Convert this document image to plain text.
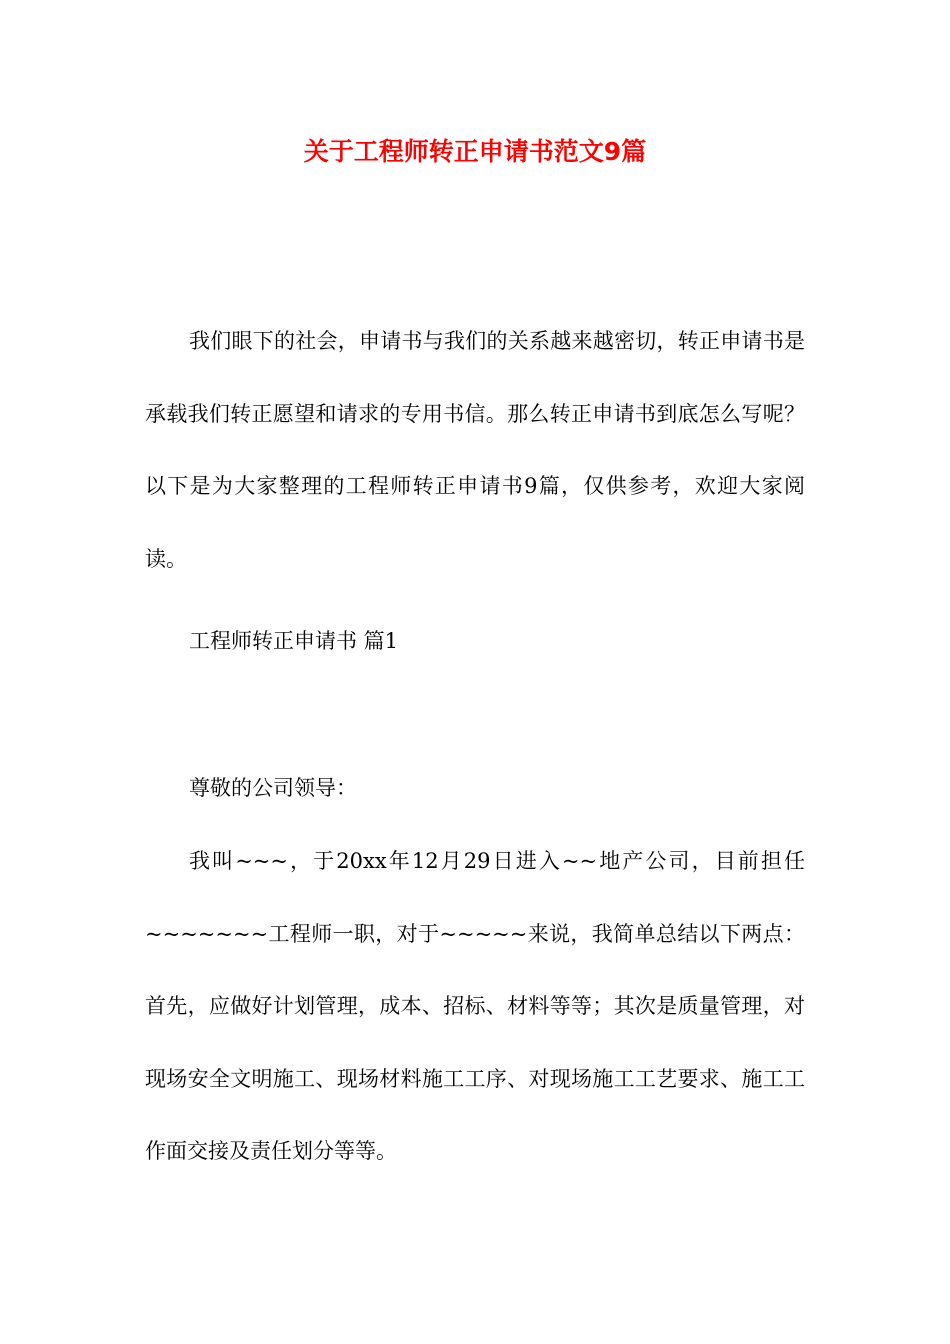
关于工程师转正申请书范文9篇

我们眼下的社会，申请书与我们的关系越来越密切，转正申请书是承载我们转正愿望和请求的专用书信。那么转正申请书到底怎么写呢？以下是为大家整理的工程师转正申请书9篇，仅供参考，欢迎大家阅读。

工程师转正申请书 篇1

尊敬的公司领导：

我叫~~~，于20xx年12月29日进入~~地产公司，目前担任~~~~~~~工程师一职，对于~~~~~来说，我简单总结以下两点：首先，应做好计划管理，成本、招标、材料等等；其次是质量管理，对现场安全文明施工、现场材料施工工序、对现场施工工艺要求、施工工作面交接及责任划分等等。
